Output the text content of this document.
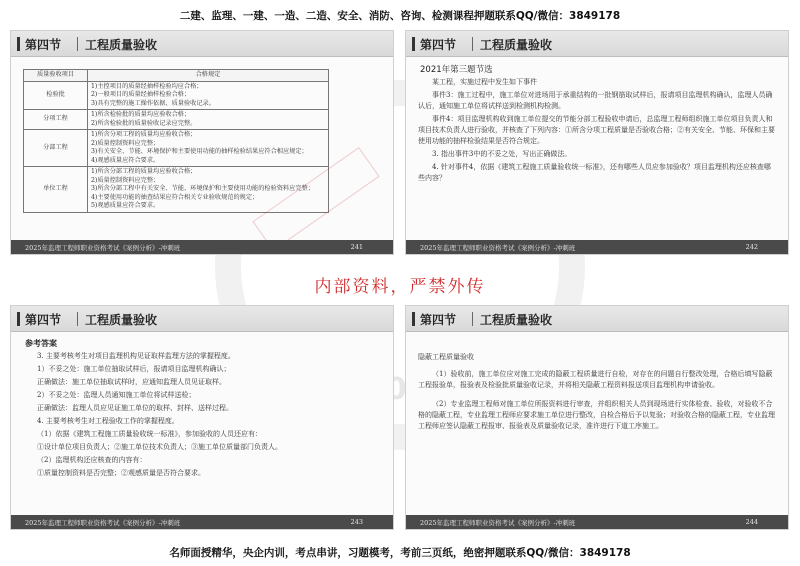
二建、监理、一建、一造、二造、安全、消防、咨询、检测课程押题联系QQ/微信：3849178
第四节 工程质量验收
质量验收项目	合格规定
检验批	1)主控项目的质量经抽样检验均应合格；
2)一般项目的质量经抽样检验合格；
3)具有完整的施工操作依据、质量验收记录。

分项工程	1)所含检验批的质量均应验收合格；
2)所含检验批的质量验收记录应完整。

分部工程	1)所含分项工程的质量均应验收合格；
2)质量控制资料应完整；
3)有关安全、节能、环境保护和主要使用功能的抽样检验结果应符合相应规定；
4)观感质量应符合要求。

单位工程	1)所含分部工程的质量均应验收合格；
2)质量控制资料应完整；
3)所含分部工程中有关安全、节能、环境保护和主要使用功能的检验资料应完整；
4)主要使用功能的抽查结果应符合相关专业验收规范的规定；
5)观感质量应符合要求。
2025年监理工程师职业资格考试《案例分析》-冲刺班	241
第四节 工程质量验收
2021年第三题节选

某工程，实施过程中发生如下事件

事件3：施工过程中，施工单位对进场用于承重结构的一批钢筋取试样后，报请项目监理机构确认，监理人员确认后，通知施工单位将试样送到检测机构检测。

事件4：项目监理机构收到施工单位提交的节能分部工程验收申请后，总监理工程师组织施工单位项目负责人和项目技术负责人进行验收，并核查了下列内容：①所含分项工程质量是否验收合格；②有关安全、节能、环保和主要使用功能的抽样检验结果是否符合规定。

3. 指出事件3中的不妥之处，写出正确做法。

4. 针对事件4，依据《建筑工程施工质量验收统一标准》，还有哪些人员应参加验收？项目监理机构还应核查哪些内容？

2025年监理工程师职业资格考试《案例分析》-冲刺班	242
内部资料，严禁外传
第四节 工程质量验收
参考答案

3. 主要考核考生对项目监理机构见证取样监理方法的掌握程度。

1）不妥之处：施工单位抽取试样后，报请项目监理机构确认；

正确做法：施工单位抽取试样时，应通知监理人员见证取样。

2）不妥之处：监理人员通知施工单位将试样送检；

正确做法：监理人员应见证施工单位的取样、封样、送样过程。

4. 主要考核考生对工程验收工作的掌握程度。

（1）依据《建筑工程施工质量验收统一标准》，参加验收的人员还应有：

①设计单位项目负责人；②施工单位技术负责人；③施工单位质量部门负责人。

（2）监理机构还应核查的内容有：

①质量控制资料是否完整；②观感质量是否符合要求。

2025年监理工程师职业资格考试《案例分析》-冲刺班	243
第四节 工程质量验收

隐蔽工程质量验收

（1）验收前，施工单位应对施工完成的隐蔽工程质量进行自检，对存在的问题自行整改处理，合格后填写隐蔽工程报验单，报验表及检验批质量验收记录，并将相关隐蔽工程资料报送项目监理机构申请验收。

（2）专业监理工程师对施工单位所报资料进行审查，并组织相关人员到现场进行实体检查、验收，对验收不合格的隐蔽工程，专业监理工程师应要求施工单位进行整改，自检合格后予以复验；对验收合格的隐蔽工程，专业监理工程师应签认隐蔽工程报审、报验表及质量验收记录，准许进行下道工序施工。

2025年监理工程师职业资格考试《案例分析》-冲刺班	244
名师面授精华，央企内训，考点串讲，习题模考，考前三页纸，绝密押题联系QQ/微信：3849178
